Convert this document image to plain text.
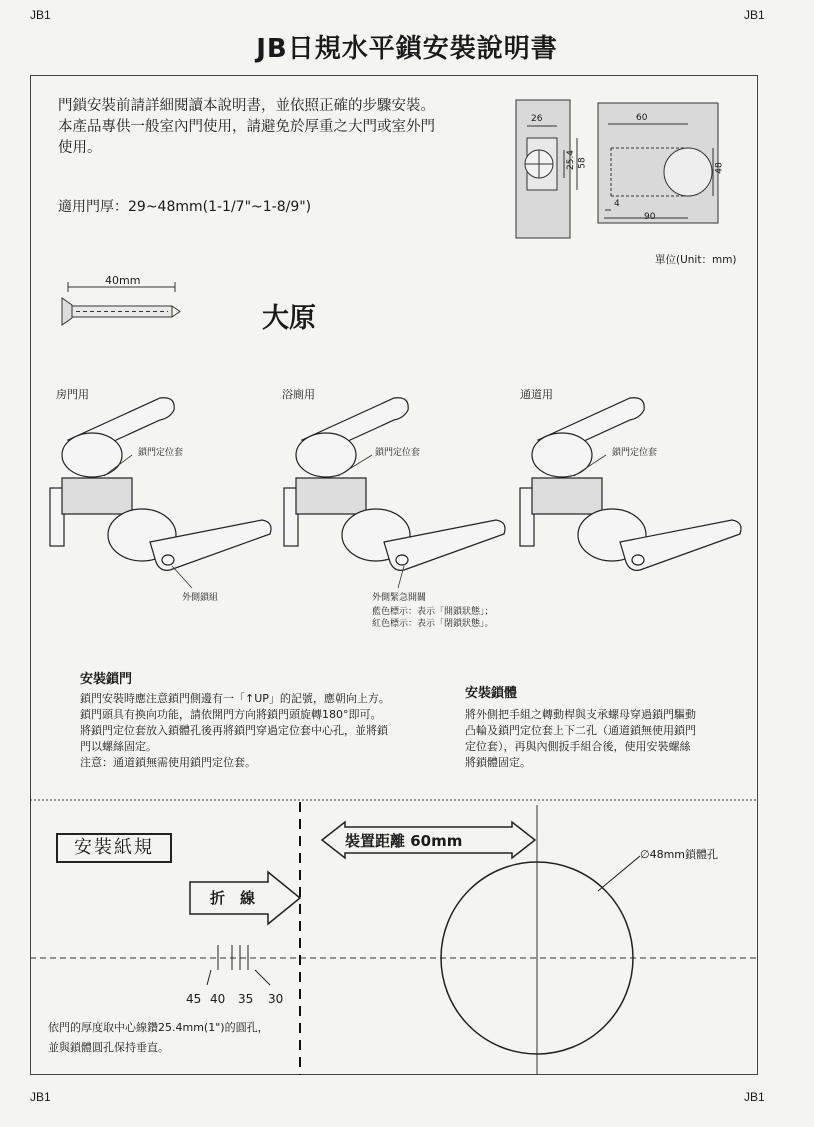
JB1	JB1
JB1	JB1
JB日規水平鎖安裝說明書
門鎖安裝前請詳細閱讀本說明書，並依照正確的步驟安裝。
本產品專供一般室內門使用，請避免於厚重之大門或室外門
使用。
適用門厚：29~48mm(1-1/7"~1-8/9")
26
25.4 58
60
48
4
90
單位(Unit：mm)
40mm
大原
房門用	浴廁用	通道用
鎖門定位套	鎖門定位套	鎖門定位套
外側鎖組	外側緊急開關
藍色標示：表示「開鎖狀態」；
紅色標示：表示「閉鎖狀態」。
安裝鎖門
鎖門安裝時應注意鎖門側邊有一「↑UP」的記號，應朝向上方。
鎖門頭具有換向功能，請依開門方向將鎖門頭旋轉180°即可。
將鎖門定位套放入鎖體孔後再將鎖門穿過定位套中心孔，並將鎖
門以螺絲固定。
注意：通道鎖無需使用鎖門定位套。
安裝鎖體
將外側把手組之轉動桿與支承螺母穿過鎖門驅動
凸輪及鎖門定位套上下二孔（通道鎖無使用鎖門
定位套），再與內側扳手組合後，使用安裝螺絲
將鎖體固定。
安裝紙規
折　線
裝置距離 60mm
∅48mm鎖體孔
45 40 35 30
依門的厚度取中心線鑽25.4mm(1")的圓孔，
並與鎖體圓孔保持垂直。
